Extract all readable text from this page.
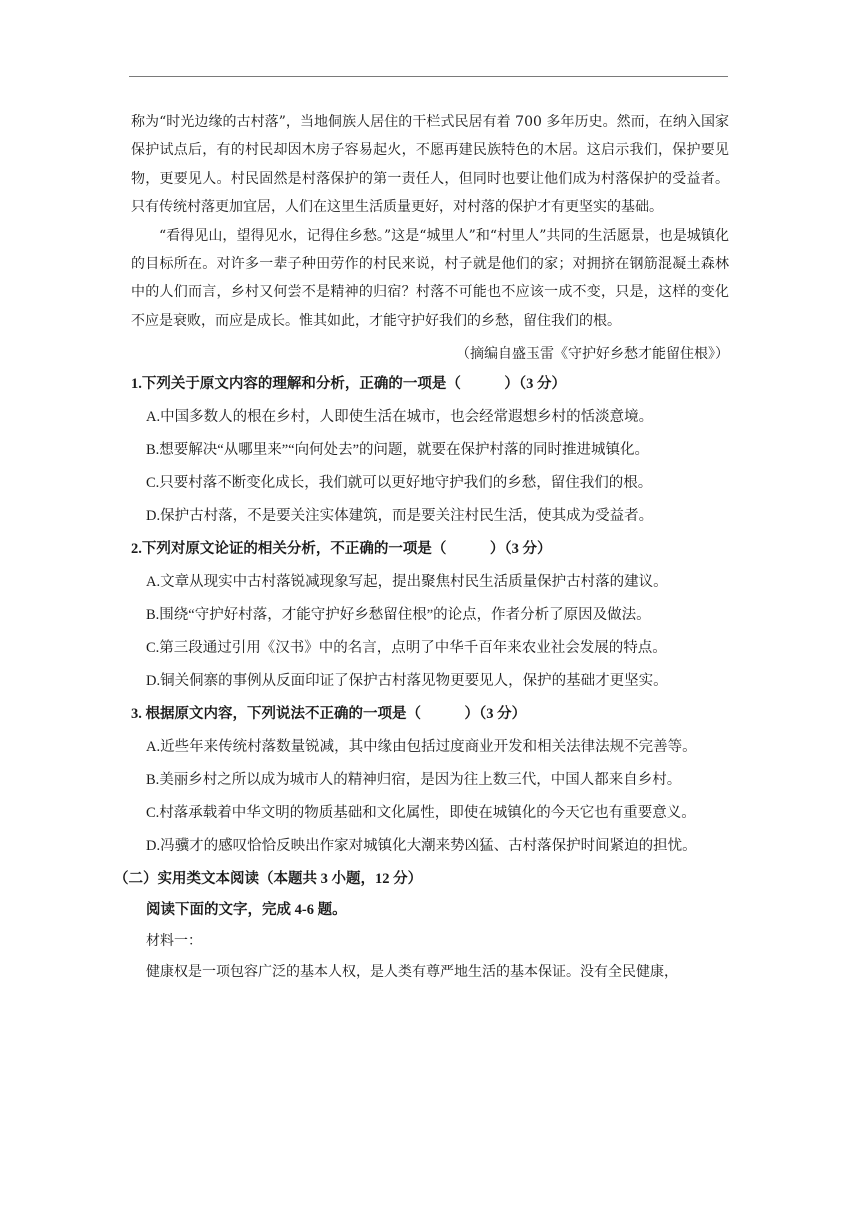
称为“时光边缘的古村落”，当地侗族人居住的干栏式民居有着 700 多年历史。然而，在纳入国家保护试点后，有的村民却因木房子容易起火，不愿再建民族特色的木居。这启示我们，保护要见物，更要见人。村民固然是村落保护的第一责任人，但同时也要让他们成为村落保护的受益者。只有传统村落更加宜居，人们在这里生活质量更好，对村落的保护才有更坚实的基础。

“看得见山，望得见水，记得住乡愁。”这是“城里人”和“村里人”共同的生活愿景，也是城镇化的目标所在。对许多一辈子种田劳作的村民来说，村子就是他们的家；对拥挤在钢筋混凝土森林中的人们而言，乡村又何尝不是精神的归宿？村落不可能也不应该一成不变，只是，这样的变化不应是衰败，而应是成长。惟其如此，才能守护好我们的乡愁，留住我们的根。

（摘编自盛玉雷《守护好乡愁才能留住根》）

1.下列关于原文内容的理解和分析，正确的一项是（　　　）（3 分）

A.中国多数人的根在乡村，人即使生活在城市，也会经常遐想乡村的恬淡意境。

B.想要解决“从哪里来”“向何处去”的问题，就要在保护村落的同时推进城镇化。

C.只要村落不断变化成长，我们就可以更好地守护我们的乡愁，留住我们的根。

D.保护古村落，不是要关注实体建筑，而是要关注村民生活，使其成为受益者。

2.下列对原文论证的相关分析，不正确的一项是（　　　）（3 分）

A.文章从现实中古村落锐减现象写起，提出聚焦村民生活质量保护古村落的建议。

B.围绕“守护好村落，才能守护好乡愁留住根”的论点，作者分析了原因及做法。

C.第三段通过引用《汉书》中的名言，点明了中华千百年来农业社会发展的特点。

D.铜关侗寨的事例从反面印证了保护古村落见物更要见人，保护的基础才更坚实。

3. 根据原文内容，下列说法不正确的一项是（　　　）（3 分）

A.近些年来传统村落数量锐减，其中缘由包括过度商业开发和相关法律法规不完善等。

B.美丽乡村之所以成为城市人的精神归宿，是因为往上数三代，中国人都来自乡村。

C.村落承载着中华文明的物质基础和文化属性，即使在城镇化的今天它也有重要意义。

D.冯骥才的感叹恰恰反映出作家对城镇化大潮来势凶猛、古村落保护时间紧迫的担忧。

（二）实用类文本阅读（本题共 3 小题，12 分）

阅读下面的文字，完成 4-6 题。

材料一：

健康权是一项包容广泛的基本人权，是人类有尊严地生活的基本保证。没有全民健康，
